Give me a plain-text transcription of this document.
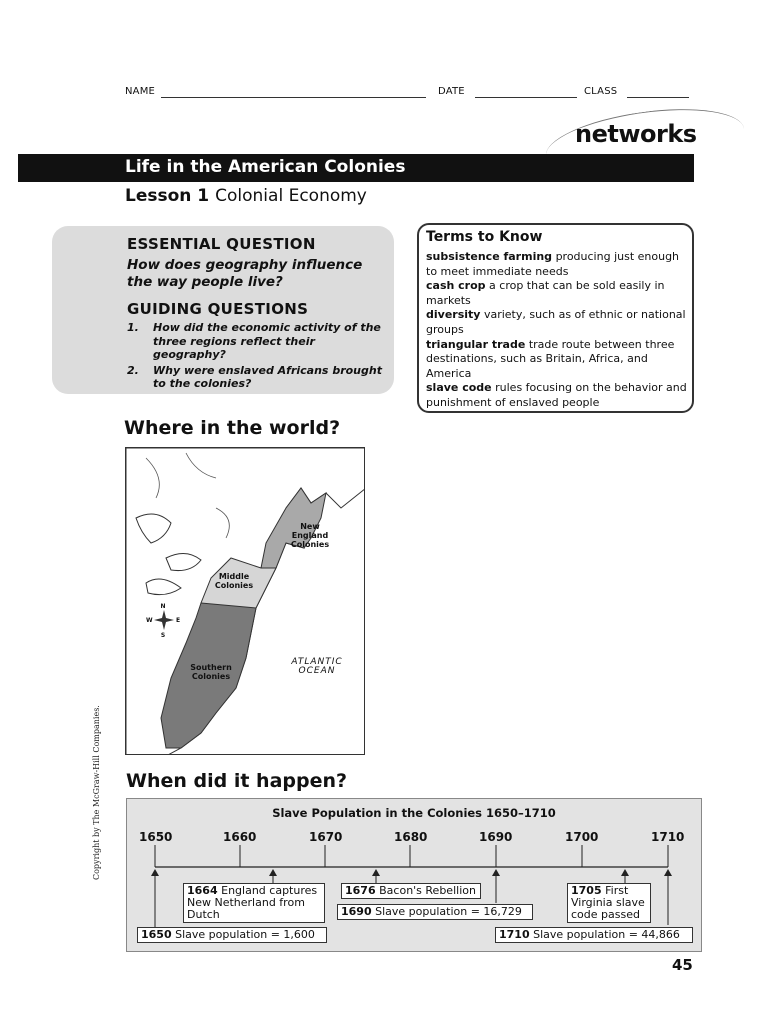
NAME	DATE	CLASS
networks
Life in the American Colonies
Lesson 1 Colonial Economy
ESSENTIAL QUESTION
How does geography influence the way people live?
GUIDING QUESTIONS
1. How did the economic activity of the three regions reflect their geography?
2. Why were enslaved Africans brought to the colonies?
Terms to Know
subsistence farming producing just enough to meet immediate needs
cash crop a crop that can be sold easily in markets
diversity variety, such as of ethnic or national groups
triangular trade trade route between three destinations, such as Britain, Africa, and America
slave code rules focusing on the behavior and punishment of enslaved people
Where in the world?
New England Colonies
Middle Colonies
Southern Colonies
ATLANTIC OCEAN
N
S
E
W
Copyright by The McGraw-Hill Companies. When did it happen?
Slave Population in the Colonies 1650–1710
1650	1660	1670	1680	1690	1700	1710
1664 England captures New Netherland from Dutch
1676 Bacon's Rebellion
1690 Slave population = 16,729
1705 First Virginia slave code passed
1650 Slave population = 1,600	1710 Slave population = 44,866
45
